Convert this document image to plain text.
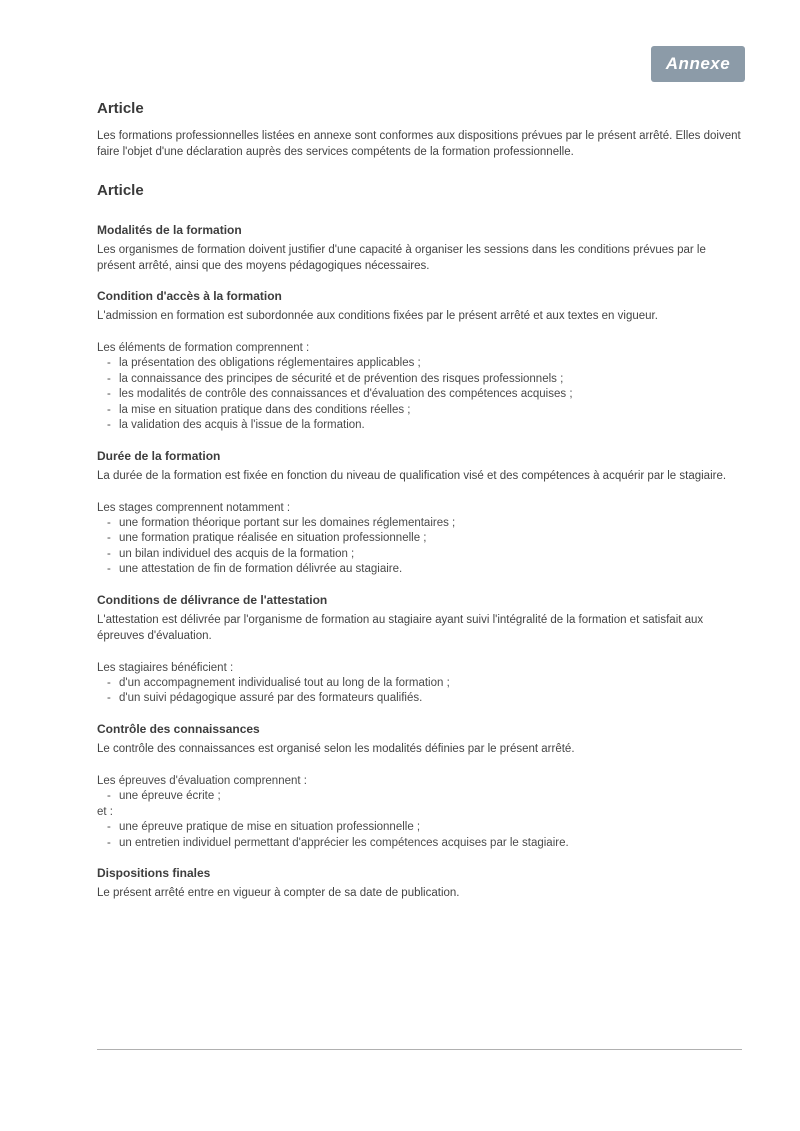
Annexe
Article

Les formations professionnelles listées en annexe sont conformes aux dispositions prévues par le présent arrêté. Elles doivent faire l'objet d'une déclaration auprès des services compétents de la formation professionnelle.

Article
Modalités de la formation

Les organismes de formation doivent justifier d'une capacité à organiser les sessions dans les conditions prévues par le présent arrêté, ainsi que des moyens pédagogiques nécessaires.

Condition d'accès à la formation

L'admission en formation est subordonnée aux conditions fixées par le présent arrêté et aux textes en vigueur.

Les éléments de formation comprennent :
- la présentation des obligations réglementaires applicables ;
- la connaissance des principes de sécurité et de prévention des risques professionnels ;
- les modalités de contrôle des connaissances et d'évaluation des compétences acquises ;
- la mise en situation pratique dans des conditions réelles ;
- la validation des acquis à l'issue de la formation.
Durée de la formation

La durée de la formation est fixée en fonction du niveau de qualification visé et des compétences à acquérir par le stagiaire.

Les stages comprennent notamment :
- une formation théorique portant sur les domaines réglementaires ;
- une formation pratique réalisée en situation professionnelle ;
- un bilan individuel des acquis de la formation ;
- une attestation de fin de formation délivrée au stagiaire.
Conditions de délivrance de l'attestation

L'attestation est délivrée par l'organisme de formation au stagiaire ayant suivi l'intégralité de la formation et satisfait aux épreuves d'évaluation.

Les stagiaires bénéficient :
- d'un accompagnement individualisé tout au long de la formation ;
- d'un suivi pédagogique assuré par des formateurs qualifiés.
Contrôle des connaissances

Le contrôle des connaissances est organisé selon les modalités définies par le présent arrêté.

Les épreuves d'évaluation comprennent :
- une épreuve écrite ;
et :
- une épreuve pratique de mise en situation professionnelle ;
- un entretien individuel permettant d'apprécier les compétences acquises par le stagiaire.
Dispositions finales

Le présent arrêté entre en vigueur à compter de sa date de publication.
